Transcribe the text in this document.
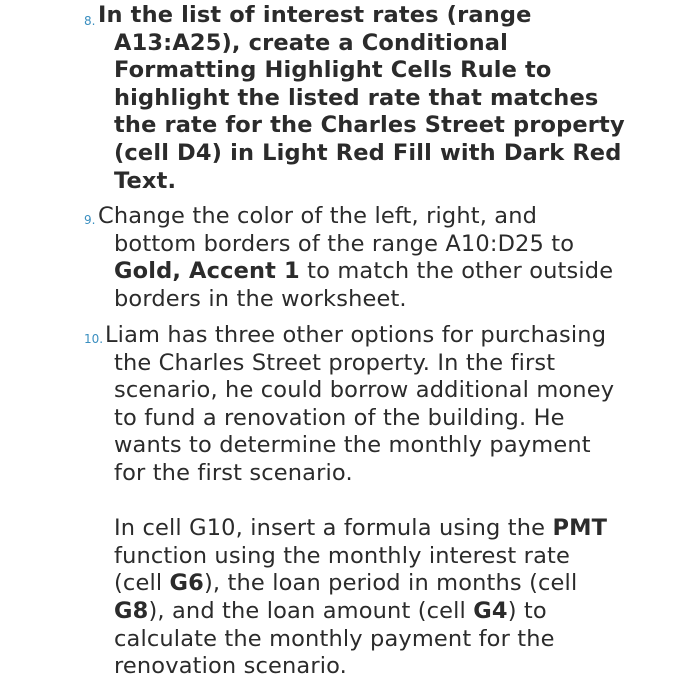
8. In the list of interest rates (range
A13:A25), create a Conditional
Formatting Highlight Cells Rule to
highlight the listed rate that matches
the rate for the Charles Street property
(cell D4) in Light Red Fill with Dark Red
Text.
9. Change the color of the left, right, and
bottom borders of the range A10:D25 to
Gold, Accent 1 to match the other outside
borders in the worksheet.
10. Liam has three other options for purchasing
the Charles Street property. In the first
scenario, he could borrow additional money
to fund a renovation of the building. He
wants to determine the monthly payment
for the first scenario.
In cell G10, insert a formula using the PMT
function using the monthly interest rate
(cell G6), the loan period in months (cell
G8), and the loan amount (cell G4) to
calculate the monthly payment for the
renovation scenario.
